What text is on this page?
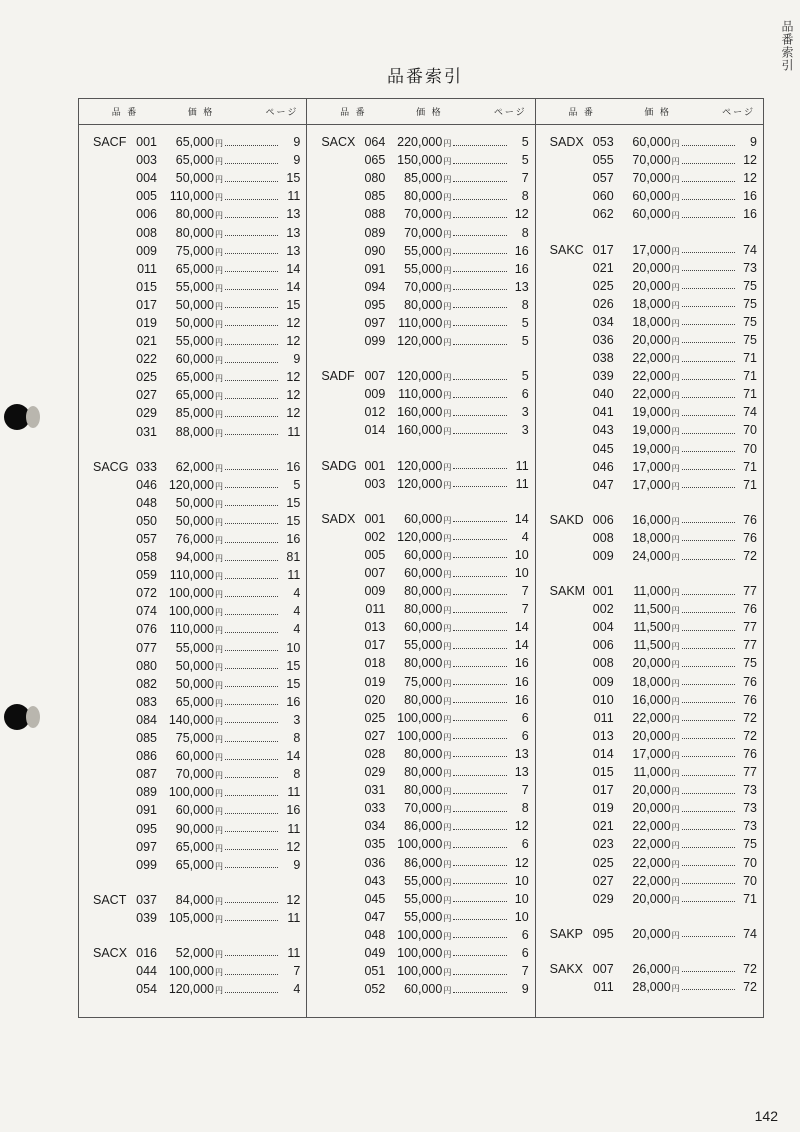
品番索引
品番索引
品 番	価 格	ページ
SACF 001	65,000円	9
003	65,000円	9
004	50,000円	15
005	110,000円	11
006	80,000円	13
008	80,000円	13
009	75,000円	13
011	65,000円	14
015	55,000円	14
017	50,000円	15
019	50,000円	12
021	55,000円	12
022	60,000円	9
025	65,000円	12
027	65,000円	12
029	85,000円	12
031	88,000円	11
SACG 033	62,000円	16
046 120,000円	5
048	50,000円	15
050	50,000円	15
057	76,000円	16
058	94,000円	81
059	110,000円	11
072 100,000円	4
074 100,000円	4
076	110,000円	4
077	55,000円	10
080	50,000円	15
082	50,000円	15
083	65,000円	16
084 140,000円	3
085	75,000円	8
086	60,000円	14
087	70,000円	8
089 100,000円	11
091	60,000円	16
095	90,000円	11
097	65,000円	12
099	65,000円	9
SACT 037	84,000円	12
039 105,000円	11
SACX 016	52,000円	11
044 100,000円	7
054 120,000円	4
品 番	価 格	ページ
SACX 064 220,000円	5
065 150,000円	5
080	85,000円	7
085	80,000円	8
088	70,000円	12
089	70,000円	8
090	55,000円	16
091	55,000円	16
094	70,000円	13
095	80,000円	8
097	110,000円	5
099 120,000円	5
SADF 007 120,000円	5
009	110,000円	6
012 160,000円	3
014 160,000円	3
SADG 001 120,000円	11
003 120,000円	11
SADX 001	60,000円	14
002 120,000円	4
005	60,000円	10
007	60,000円	10
009	80,000円	7
011	80,000円	7
013	60,000円	14
017	55,000円	14
018	80,000円	16
019	75,000円	16
020	80,000円	16
025 100,000円	6
027 100,000円	6
028	80,000円	13
029	80,000円	13
031	80,000円	7
033	70,000円	8
034	86,000円	12
035 100,000円	6
036	86,000円	12
043	55,000円	10
045	55,000円	10
047	55,000円	10
048 100,000円	6
049 100,000円	6
051 100,000円	7
052	60,000円	9
品 番	価 格	ページ
SADX 053	60,000円	9
055	70,000円	12
057	70,000円	12
060	60,000円	16
062	60,000円	16
SAKC 017	17,000円	74
021	20,000円	73
025	20,000円	75
026	18,000円	75
034	18,000円	75
036	20,000円	75
038	22,000円	71
039	22,000円	71
040	22,000円	71
041	19,000円	74
043	19,000円	70
045	19,000円	70
046	17,000円	71
047	17,000円	71
SAKD 006	16,000円	76
008	18,000円	76
009	24,000円	72
SAKM 001	11,000円	77
002	11,500円	76
004	11,500円	77
006	11,500円	77
008	20,000円	75
009	18,000円	76
010	16,000円	76
011	22,000円	72
013	20,000円	72
014	17,000円	76
015	11,000円	77
017	20,000円	73
019	20,000円	73
021	22,000円	73
023	22,000円	75
025	22,000円	70
027	22,000円	70
029	20,000円	71
SAKP 095	20,000円	74
SAKX 007	26,000円	72
011	28,000円	72
142
